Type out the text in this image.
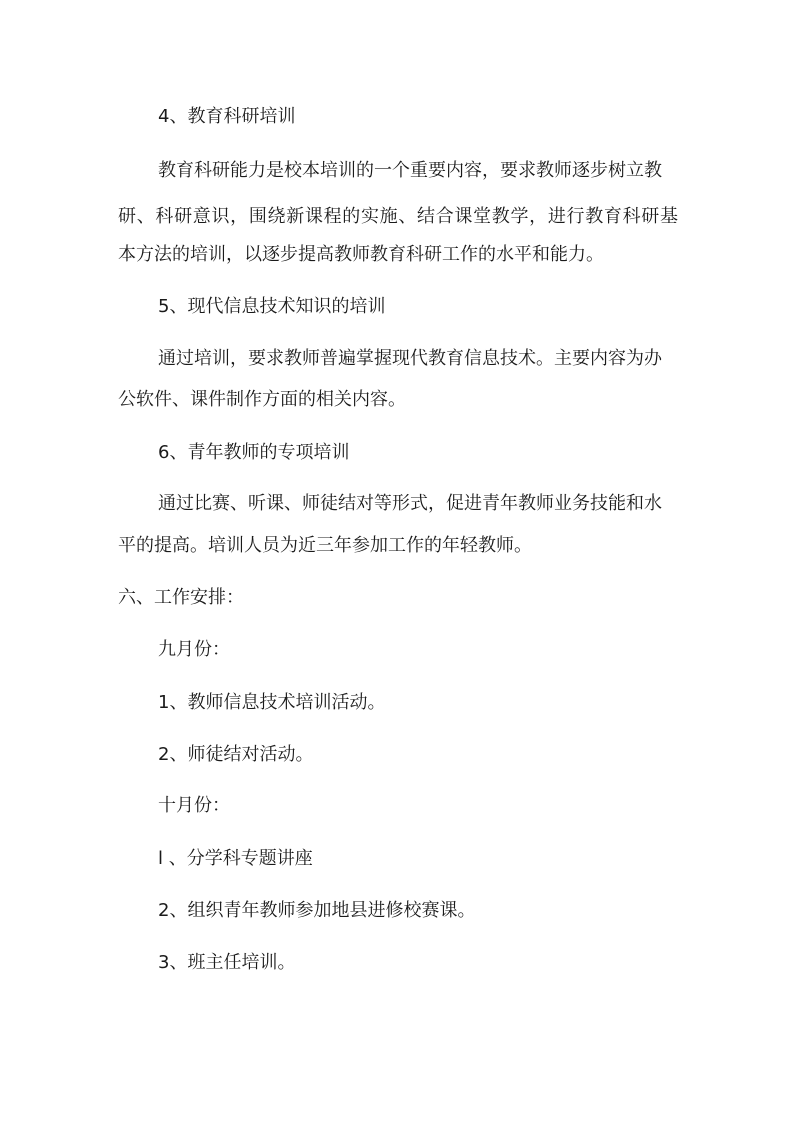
4、教育科研培训

教育科研能力是校本培训的一个重要内容，要求教师逐步树立教

研、科研意识，围绕新课程的实施、结合课堂教学，进行教育科研基

本方法的培训，以逐步提高教师教育科研工作的水平和能力。

5、现代信息技术知识的培训

通过培训，要求教师普遍掌握现代教育信息技术。主要内容为办

公软件、课件制作方面的相关内容。

6、青年教师的专项培训

通过比赛、听课、师徒结对等形式，促进青年教师业务技能和水

平的提高。培训人员为近三年参加工作的年轻教师。

六、工作安排：

九月份：

1、教师信息技术培训活动。

2、师徒结对活动。

十月份：

l 、分学科专题讲座

2、组织青年教师参加地县进修校赛课。

3、班主任培训。
